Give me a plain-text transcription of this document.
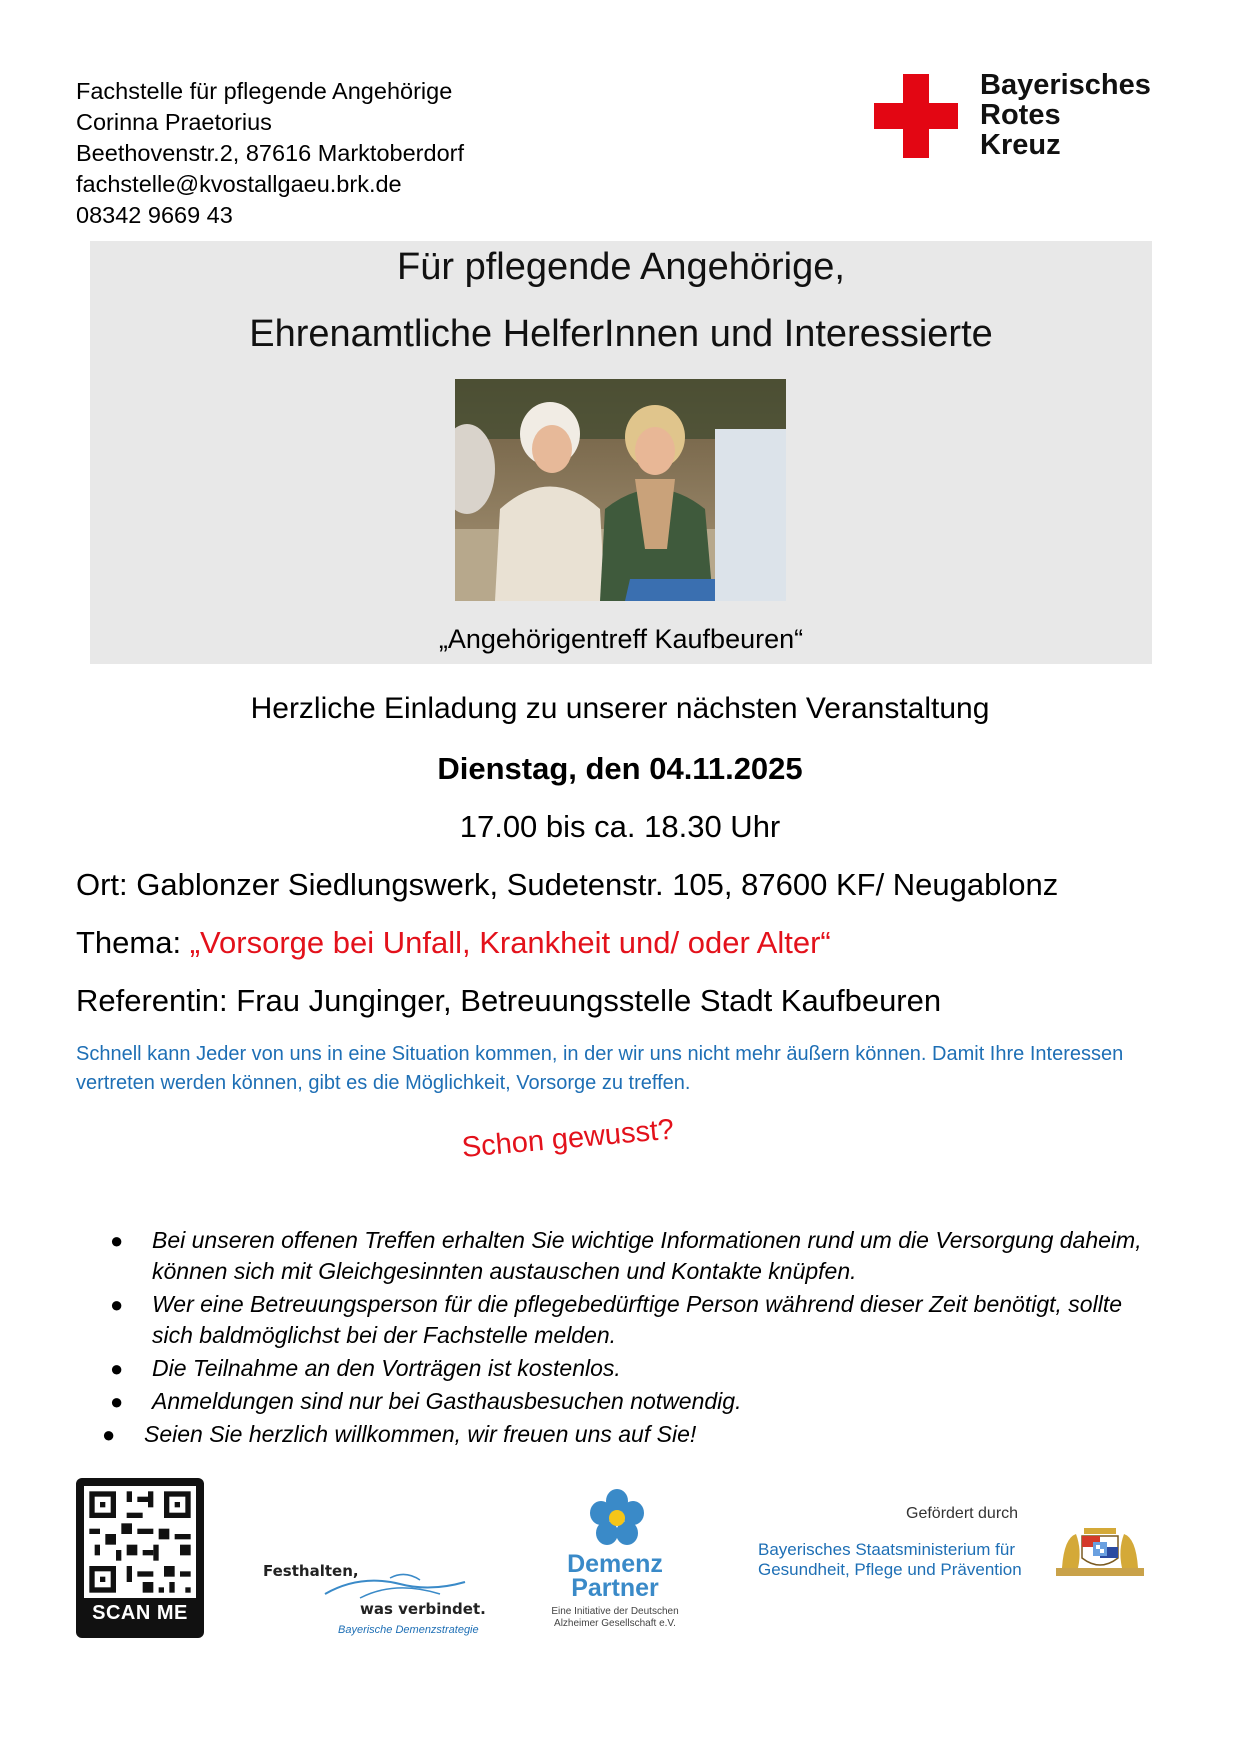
Fachstelle für pflegende Angehörige
Corinna Praetorius
Beethovenstr.2, 87616 Marktoberdorf
fachstelle@kvostallgaeu.brk.de
08342 9669 43
Bayerisches
Rotes
Kreuz
Für pflegende Angehörige,
Ehrenamtliche HelferInnen und Interessierte
„Angehörigentreff Kaufbeuren“
Herzliche Einladung zu unserer nächsten Veranstaltung
Dienstag, den 04.11.2025
17.00 bis ca. 18.30 Uhr
Ort: Gablonzer Siedlungswerk, Sudetenstr. 105, 87600 KF/ Neugablonz
Thema: „Vorsorge bei Unfall, Krankheit und/ oder Alter“
Referentin: Frau Junginger, Betreuungsstelle Stadt Kaufbeuren
Schnell kann Jeder von uns in eine Situation kommen, in der wir uns nicht mehr äußern können. Damit Ihre Interessen vertreten werden können, gibt es die Möglichkeit, Vorsorge zu treffen.
Schon gewusst?
● Bei unseren offenen Treffen erhalten Sie wichtige Informationen rund um die Versorgung daheim, können sich mit Gleichgesinnten austauschen und Kontakte knüpfen.
● Wer eine Betreuungsperson für die pflegebedürftige Person während dieser Zeit benötigt, sollte sich baldmöglichst bei der Fachstelle melden.
● Die Teilnahme an den Vorträgen ist kostenlos.
● Anmeldungen sind nur bei Gasthausbesuchen notwendig.
● Seien Sie herzlich willkommen, wir freuen uns auf Sie!
SCAN ME
Festhalten,
was verbindet.
Bayerische Demenzstrategie
Demenz
Partner
Eine Initiative der Deutschen
Alzheimer Gesellschaft e.V.
Gefördert durch
Bayerisches Staatsministerium für
Gesundheit, Pflege und Prävention
